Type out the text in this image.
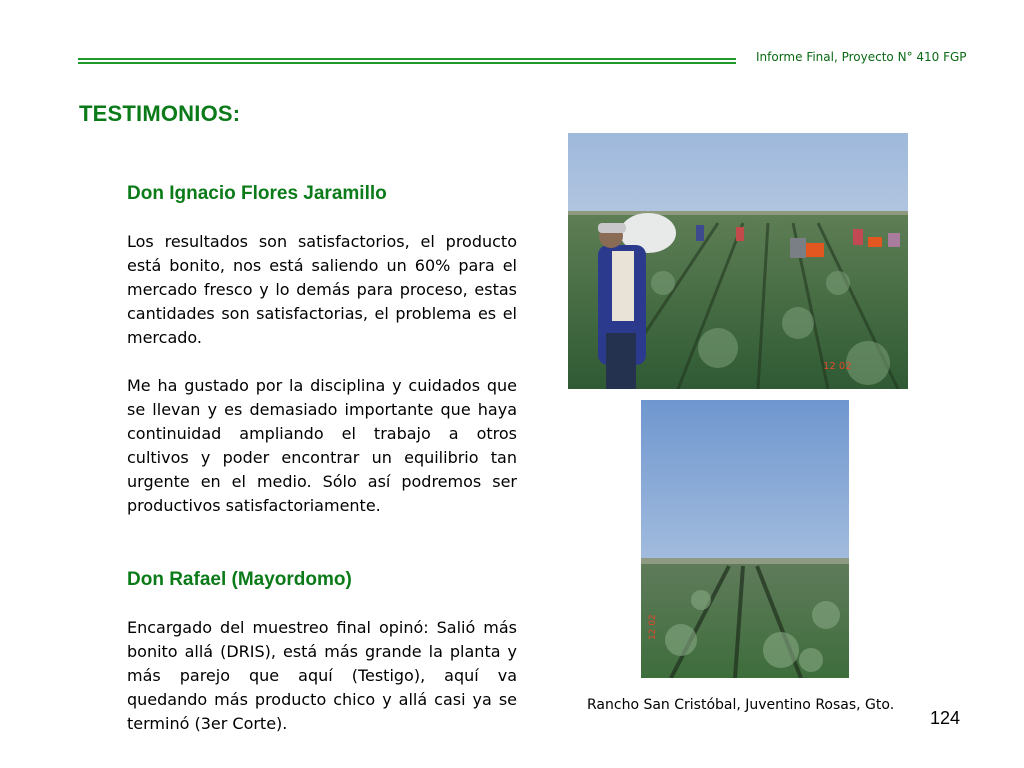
Informe Final, Proyecto N° 410 FGP
TESTIMONIOS:

Don Ignacio Flores Jaramillo

Los resultados son satisfactorios, el producto está bonito, nos está saliendo un 60% para el mercado fresco y lo demás para proceso, estas cantidades son satisfactorias, el problema es el mercado.

Me ha gustado por la disciplina y cuidados que se llevan y es demasiado importante que haya continuidad ampliando el trabajo a otros cultivos y poder encontrar un equilibrio tan urgente en el medio. Sólo así podremos ser productivos satisfactoriamente.

Don Rafael (Mayordomo)

Encargado del muestreo final opinó: Salió más bonito allá (DRIS), está más grande la planta y más parejo que aquí (Testigo), aquí va quedando más producto chico y allá casi ya se terminó (3er Corte).

12 02
12 02
Rancho San Cristóbal, Juventino Rosas, Gto.
124
